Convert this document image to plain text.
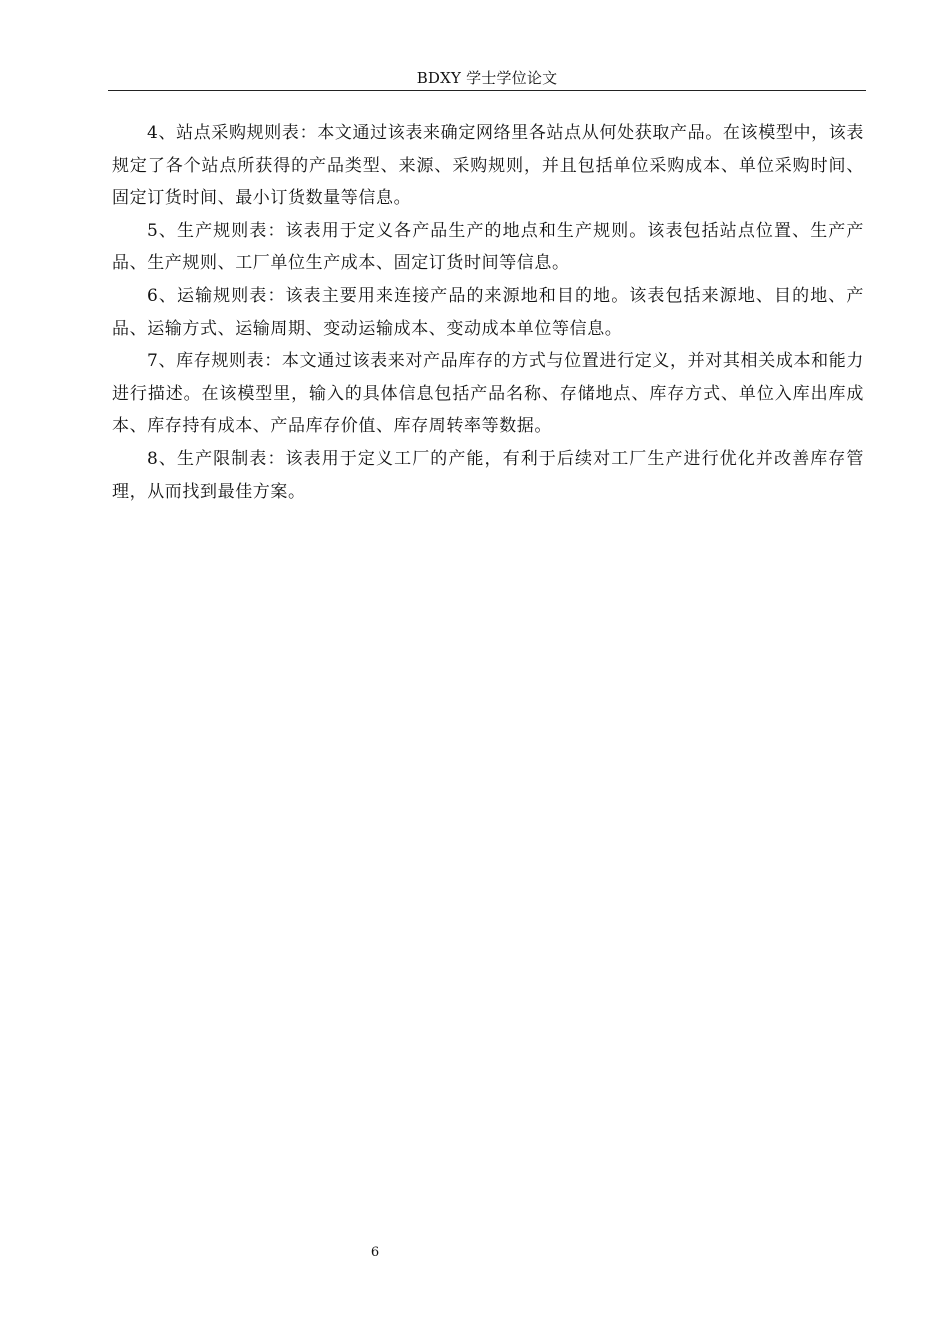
BDXY 学士学位论文

4、站点采购规则表：本文通过该表来确定网络里各站点从何处获取产品。在该模型中，该表规定了各个站点所获得的产品类型、来源、采购规则，并且包括单位采购成本、单位采购时间、固定订货时间、最小订货数量等信息。

5、生产规则表：该表用于定义各产品生产的地点和生产规则。该表包括站点位置、生产产品、生产规则、工厂单位生产成本、固定订货时间等信息。

6、运输规则表：该表主要用来连接产品的来源地和目的地。该表包括来源地、目的地、产品、运输方式、运输周期、变动运输成本、变动成本单位等信息。

7、库存规则表：本文通过该表来对产品库存的方式与位置进行定义，并对其相关成本和能力进行描述。在该模型里，输入的具体信息包括产品名称、存储地点、库存方式、单位入库出库成本、库存持有成本、产品库存价值、库存周转率等数据。

8、生产限制表：该表用于定义工厂的产能，有利于后续对工厂生产进行优化并改善库存管理，从而找到最佳方案。

6
